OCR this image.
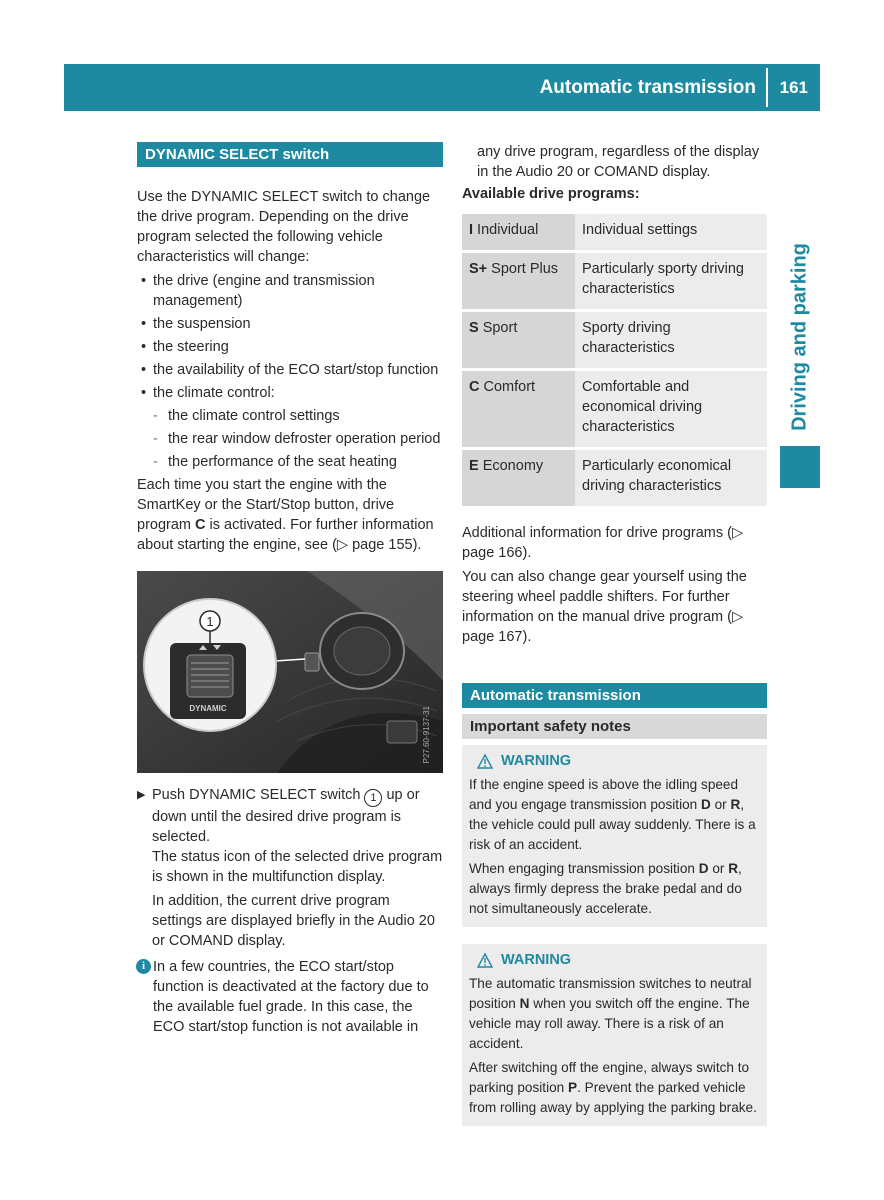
Automatic transmission 161
Driving and parking
DYNAMIC SELECT switch

Use the DYNAMIC SELECT switch to change the drive program. Depending on the drive program selected the following vehicle characteristics will change:

• the drive (engine and transmission management)
• the suspension
• the steering
• the availability of the ECO start/stop function
• the climate control:
- the climate control settings
- the rear window defroster operation period
- the performance of the seat heating

Each time you start the engine with the SmartKey or the Start/Stop button, drive program C is activated. For further information about starting the engine, see (▷ page 155).

1
DYNAMIC	P27.60-9137-31
▶ Push DYNAMIC SELECT switch 1 up or down until the desired drive program is selected.

The status icon of the selected drive program is shown in the multifunction display.

In addition, the current drive program settings are displayed briefly in the Audio 20 or COMAND display.

i In a few countries, the ECO start/stop function is deactivated at the factory due to the available fuel grade. In this case, the ECO start/stop function is not available in

any drive program, regardless of the display in the Audio 20 or COMAND display.

Available drive programs:

I Individual	Individual settings
S+ Sport Plus	Particularly sporty driving characteristics
S Sport	Sporty driving characteristics
C Comfort	Comfortable and economical driving characteristics
E Economy	Particularly economical driving characteristics

Additional information for drive programs (▷ page 166).

You can also change gear yourself using the steering wheel paddle shifters. For further information on the manual drive program (▷ page 167).

Automatic transmission
Important safety notes
WARNING

If the engine speed is above the idling speed and you engage transmission position D or R, the vehicle could pull away suddenly. There is a risk of an accident.

When engaging transmission position D or R, always firmly depress the brake pedal and do not simultaneously accelerate.

WARNING

The automatic transmission switches to neutral position N when you switch off the engine. The vehicle may roll away. There is a risk of an accident.

After switching off the engine, always switch to parking position P. Prevent the parked vehicle from rolling away by applying the parking brake.
